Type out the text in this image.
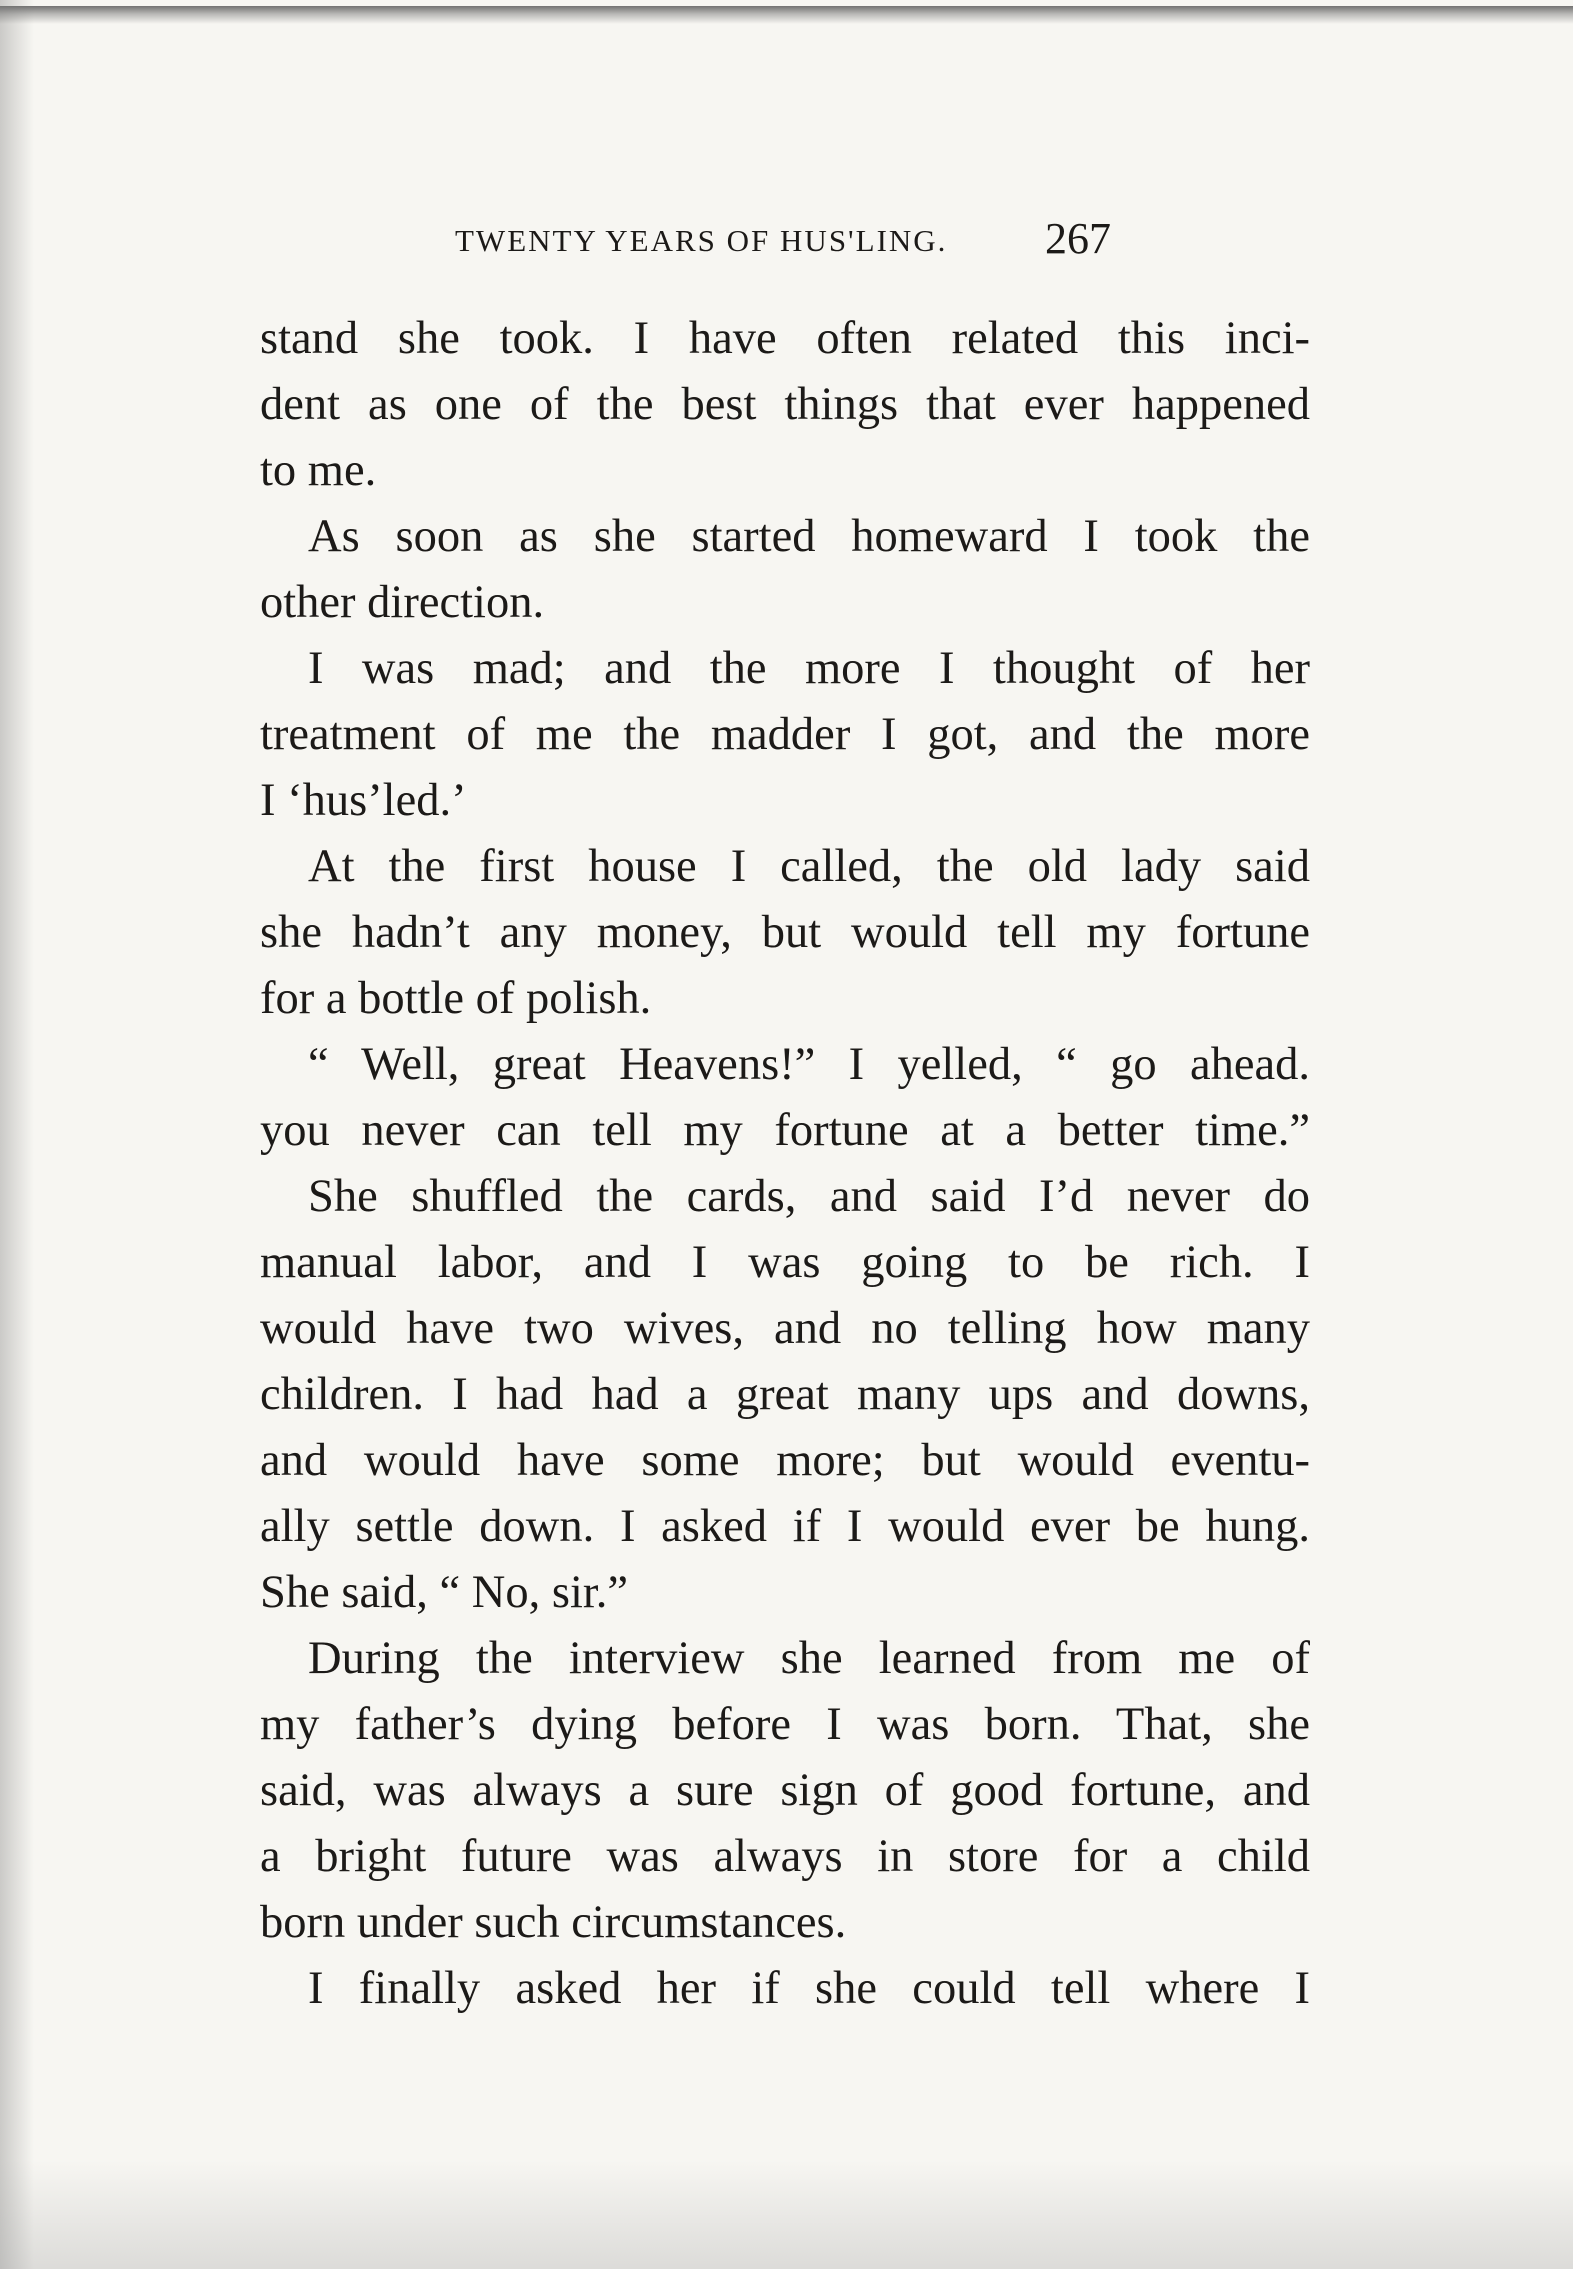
TWENTY YEARS OF HUS'LING. 267
stand she took. I have often related this inci-
dent as one of the best things that ever happened
to me.
As soon as she started homeward I took the
other direction.
I was mad; and the more I thought of her
treatment of me the madder I got, and the more
I ‘hus’led.’
At the first house I called, the old lady said
she hadn’t any money, but would tell my fortune
for a bottle of polish.
“ Well, great Heavens!” I yelled, “ go ahead.
you never can tell my fortune at a better time.”
She shuffled the cards, and said I’d never do
manual labor, and I was going to be rich. I
would have two wives, and no telling how many
children. I had had a great many ups and downs,
and would have some more; but would eventu-
ally settle down. I asked if I would ever be hung.
She said, “ No, sir.”
During the interview she learned from me of
my father’s dying before I was born. That, she
said, was always a sure sign of good fortune, and
a bright future was always in store for a child
born under such circumstances.
I finally asked her if she could tell where I
